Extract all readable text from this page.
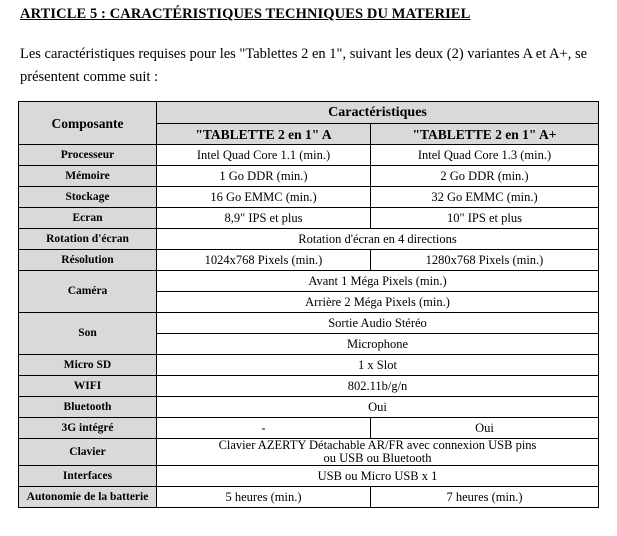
ARTICLE 5 : CARACTÉRISTIQUES TECHNIQUES DU MATERIEL
Les caractéristiques requises pour les "Tablettes 2 en 1", suivant les deux (2) variantes A et A+, se présentent comme suit :
Composante	Caractéristiques	
	"TABLETTE 2 en 1" A	"TABLETTE 2 en 1" A+
Processeur	Intel Quad Core 1.1 (min.)	Intel Quad Core 1.3 (min.)
Mémoire	1 Go DDR (min.)	2 Go DDR (min.)
Stockage	16 Go EMMC (min.)	32 Go EMMC (min.)
Ecran	8,9" IPS et plus	10" IPS et plus
Rotation d'écran	Rotation d'écran en 4 directions	
Résolution	1024x768 Pixels (min.)	1280x768 Pixels (min.)
Caméra	Avant 1 Méga Pixels (min.)	
	Arrière 2 Méga Pixels (min.)	
Son	Sortie Audio Stéréo	
	Microphone	
Micro SD	1 x Slot	
WIFI	802.11b/g/n	
Bluetooth	Oui	
3G intégré	-	Oui
Clavier	Clavier AZERTY Détachable AR/FR avec connexion USB pins ou USB ou Bluetooth	
Interfaces	USB ou Micro USB x 1	
Autonomie de la batterie	5 heures (min.)	7 heures (min.)
